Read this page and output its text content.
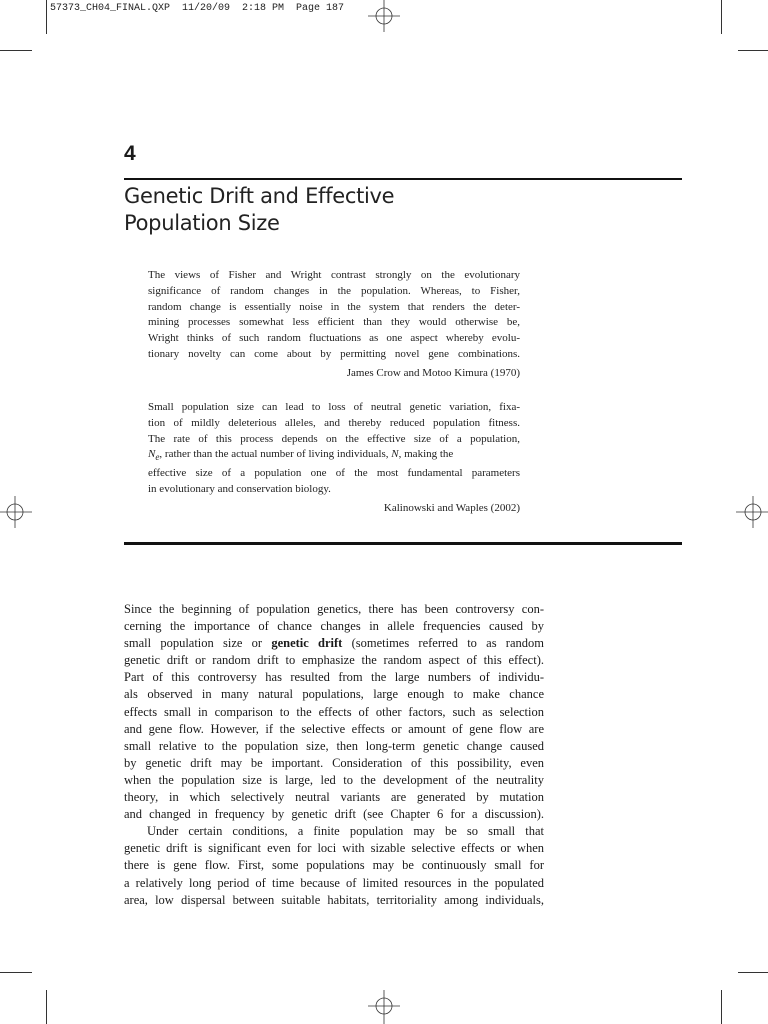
57373_CH04_FINAL.QXP  11/20/09  2:18 PM  Page 187
4
Genetic Drift and Effective
Population Size
The views of Fisher and Wright contrast strongly on the evolutionary
significance of random changes in the population. Whereas, to Fisher,
random change is essentially noise in the system that renders the deter-
mining processes somewhat less efficient than they would otherwise be,
Wright thinks of such random fluctuations as one aspect whereby evolu-
tionary novelty can come about by permitting novel gene combinations.
James Crow and Motoo Kimura (1970)
Small population size can lead to loss of neutral genetic variation, fixa-
tion of mildly deleterious alleles, and thereby reduced population fitness.
The rate of this process depends on the effective size of a population,
$N_e$, rather than the actual number of living individuals, N, making the
effective size of a population one of the most fundamental parameters
in evolutionary and conservation biology.
Kalinowski and Waples (2002)
Since the beginning of population genetics, there has been controversy con-
cerning the importance of chance changes in allele frequencies caused by
small population size or genetic drift (sometimes referred to as random
genetic drift or random drift to emphasize the random aspect of this effect).
Part of this controversy has resulted from the large numbers of individu-
als observed in many natural populations, large enough to make chance
effects small in comparison to the effects of other factors, such as selection
and gene flow. However, if the selective effects or amount of gene flow are
small relative to the population size, then long-term genetic change caused
by genetic drift may be important. Consideration of this possibility, even
when the population size is large, led to the development of the neutrality
theory, in which selectively neutral variants are generated by mutation
and changed in frequency by genetic drift (see Chapter 6 for a discussion).
Under certain conditions, a finite population may be so small that
genetic drift is significant even for loci with sizable selective effects or when
there is gene flow. First, some populations may be continuously small for
a relatively long period of time because of limited resources in the populated
area, low dispersal between suitable habitats, territoriality among individuals,
